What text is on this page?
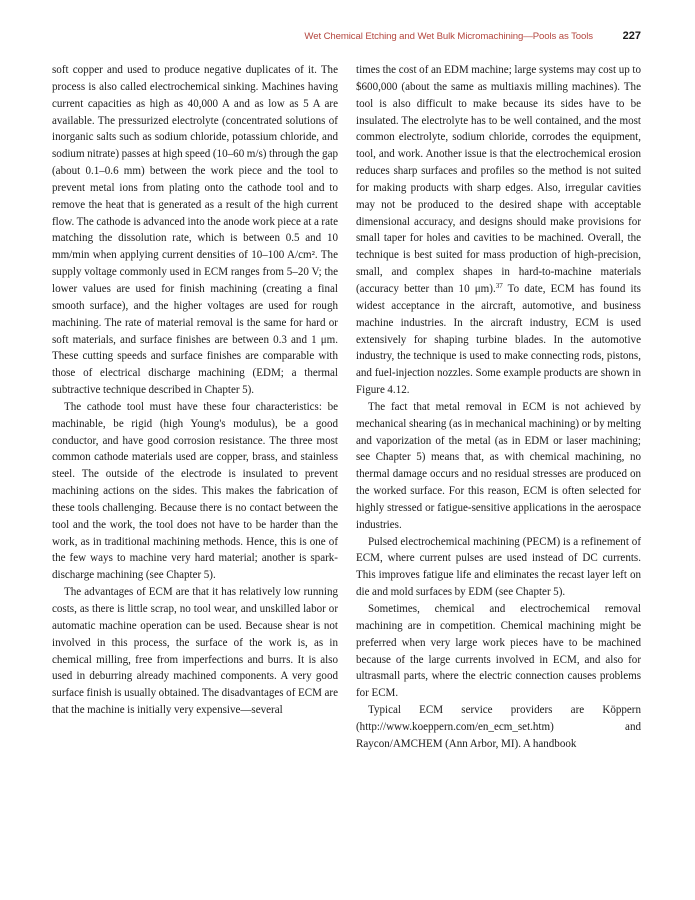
Wet Chemical Etching and Wet Bulk Micromachining—Pools as Tools	227

soft copper and used to produce negative duplicates of it. The process is also called electrochemical sinking. Machines having current capacities as high as 40,000 A and as low as 5 A are available. The pressurized electrolyte (concentrated solutions of inorganic salts such as sodium chloride, potassium chloride, and sodium nitrate) passes at high speed (10–60 m/s) through the gap (about 0.1–0.6 mm) between the work piece and the tool to prevent metal ions from plating onto the cathode tool and to remove the heat that is generated as a result of the high current flow. The cathode is advanced into the anode work piece at a rate matching the dissolution rate, which is between 0.5 and 10 mm/min when applying current densities of 10–100 A/cm². The supply voltage commonly used in ECM ranges from 5–20 V; the lower values are used for finish machining (creating a final smooth surface), and the higher voltages are used for rough machining. The rate of material removal is the same for hard or soft materials, and surface finishes are between 0.3 and 1 μm. These cutting speeds and surface finishes are comparable with those of electrical discharge machining (EDM; a thermal subtractive technique described in Chapter 5).

The cathode tool must have these four characteristics: be machinable, be rigid (high Young's modulus), be a good conductor, and have good corrosion resistance. The three most common cathode materials used are copper, brass, and stainless steel. The outside of the electrode is insulated to prevent machining actions on the sides. This makes the fabrication of these tools challenging. Because there is no contact between the tool and the work, the tool does not have to be harder than the work, as in traditional machining methods. Hence, this is one of the few ways to machine very hard material; another is spark-discharge machining (see Chapter 5).

The advantages of ECM are that it has relatively low running costs, as there is little scrap, no tool wear, and unskilled labor or automatic machine operation can be used. Because shear is not involved in this process, the surface of the work is, as in chemical milling, free from imperfections and burrs. It is also used in deburring already machined components. A very good surface finish is usually obtained. The disadvantages of ECM are that the machine is initially very expensive—several

times the cost of an EDM machine; large systems may cost up to $600,000 (about the same as multiaxis milling machines). The tool is also difficult to make because its sides have to be insulated. The electrolyte has to be well contained, and the most common electrolyte, sodium chloride, corrodes the equipment, tool, and work. Another issue is that the electrochemical erosion reduces sharp surfaces and profiles so the method is not suited for making products with sharp edges. Also, irregular cavities may not be produced to the desired shape with acceptable dimensional accuracy, and designs should make provisions for small taper for holes and cavities to be machined. Overall, the technique is best suited for mass production of high-precision, small, and complex shapes in hard-to-machine materials (accuracy better than 10 μm).$^{37}$ To date, ECM has found its widest acceptance in the aircraft, automotive, and business machine industries. In the aircraft industry, ECM is used extensively for shaping turbine blades. In the automotive industry, the technique is used to make connecting rods, pistons, and fuel-injection nozzles. Some example products are shown in Figure 4.12.

The fact that metal removal in ECM is not achieved by mechanical shearing (as in mechanical machining) or by melting and vaporization of the metal (as in EDM or laser machining; see Chapter 5) means that, as with chemical machining, no thermal damage occurs and no residual stresses are produced on the worked surface. For this reason, ECM is often selected for highly stressed or fatigue-sensitive applications in the aerospace industries.

Pulsed electrochemical machining (PECM) is a refinement of ECM, where current pulses are used instead of DC currents. This improves fatigue life and eliminates the recast layer left on die and mold surfaces by EDM (see Chapter 5).

Sometimes, chemical and electrochemical removal machining are in competition. Chemical machining might be preferred when very large work pieces have to be machined because of the large currents involved in ECM, and also for ultrasmall parts, where the electric connection causes problems for ECM.

Typical ECM service providers are Köppern (http://www.koeppern.com/en_ecm_set.htm) and Raycon/AMCHEM (Ann Arbor, MI). A handbook
